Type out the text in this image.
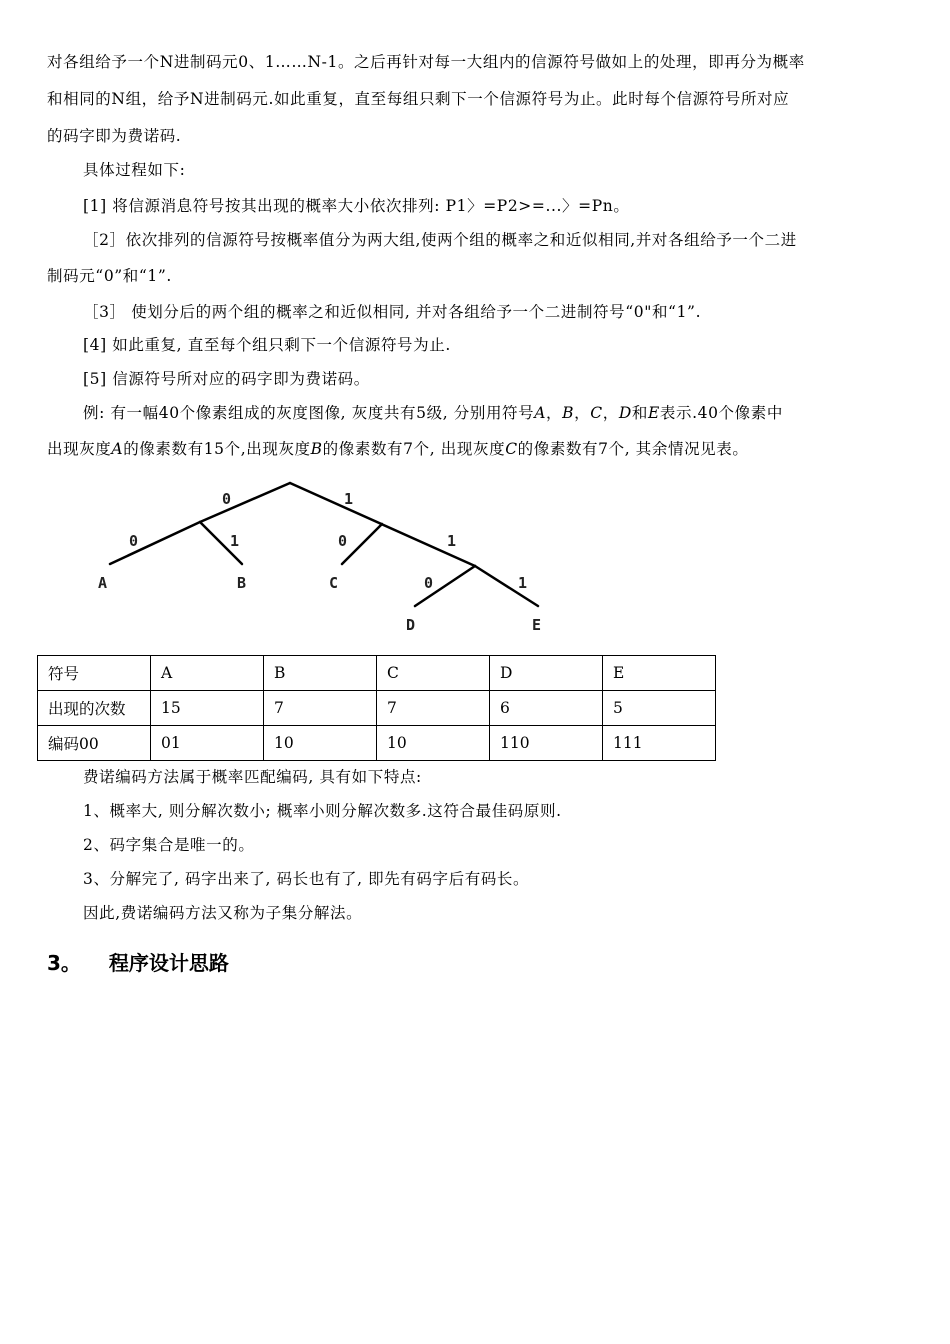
对各组给予一个N进制码元0、1……N-1。之后再针对每一大组内的信源符号做如上的处理，即再分为概率
和相同的N组，给予N进制码元.如此重复，直至每组只剩下一个信源符号为止。此时每个信源符号所对应
的码字即为费诺码.
具体过程如下:
[1] 将信源消息符号按其出现的概率大小依次排列: P1〉=P2>=...〉=Pn。
［2］依次排列的信源符号按概率值分为两大组,使两个组的概率之和近似相同,并对各组给予一个二进
制码元“0”和“1”.
［3］ 使划分后的两个组的概率之和近似相同, 并对各组给予一个二进制符号“0"和“1”.
[4] 如此重复, 直至每个组只剩下一个信源符号为止.
[5] 信源符号所对应的码字即为费诺码。
例: 有一幅40个像素组成的灰度图像, 灰度共有5级, 分别用符号A，B，C，D和E表示.40个像素中
出现灰度A的像素数有15个,出现灰度B的像素数有7个, 出现灰度C的像素数有7个, 其余情况见表。
0	1
0	1	0	1
0	1
A	B	C
D	E
符号	A	B	C	D	E
出现的次数	15	7	7	6	5
编码00	01	10	10	110	111
费诺编码方法属于概率匹配编码, 具有如下特点:
1、概率大, 则分解次数小; 概率小则分解次数多.这符合最佳码原则.
2、码字集合是唯一的。
3、分解完了, 码字出来了, 码长也有了, 即先有码字后有码长。
因此,费诺编码方法又称为子集分解法。
3。 程序设计思路
